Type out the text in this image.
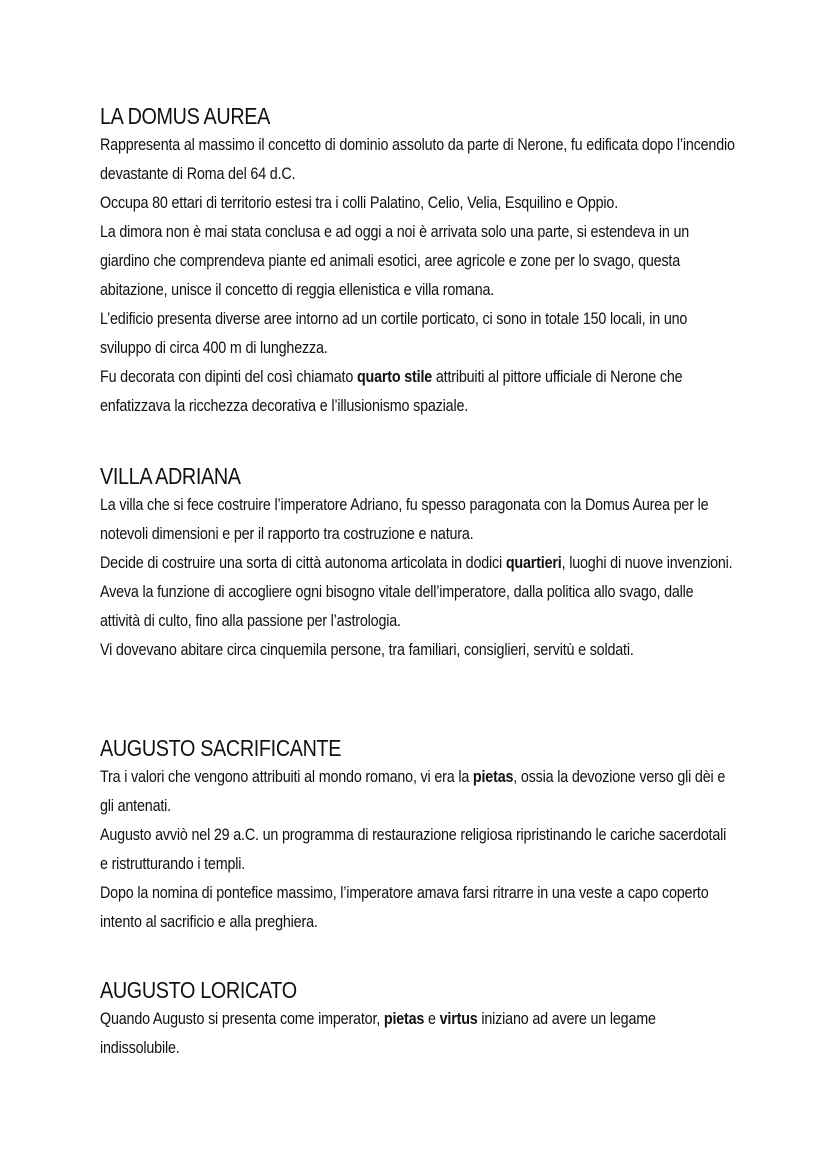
LA DOMUS AUREA

Rappresenta al massimo il concetto di dominio assoluto da parte di Nerone, fu edificata dopo l’incendio devastante di Roma del 64 d.C.

Occupa 80 ettari di territorio estesi tra i colli Palatino, Celio, Velia, Esquilino e Oppio.

La dimora non è mai stata conclusa e ad oggi a noi è arrivata solo una parte, si estendeva in un giardino che comprendeva piante ed animali esotici, aree agricole e zone per lo svago, questa abitazione, unisce il concetto di reggia ellenistica e villa romana.

L’edificio presenta diverse aree intorno ad un cortile porticato, ci sono in totale 150 locali, in uno sviluppo di circa 400 m di lunghezza.

Fu decorata con dipinti del così chiamato quarto stile attribuiti al pittore ufficiale di Nerone che enfatizzava la ricchezza decorativa e l’illusionismo spaziale.

VILLA ADRIANA

La villa che si fece costruire l’imperatore Adriano, fu spesso paragonata con la Domus Aurea per le notevoli dimensioni e per il rapporto tra costruzione e natura.

Decide di costruire una sorta di città autonoma articolata in dodici quartieri, luoghi di nuove invenzioni.

Aveva la funzione di accogliere ogni bisogno vitale dell’imperatore, dalla politica allo svago, dalle attività di culto, fino alla passione per l’astrologia.

Vi dovevano abitare circa cinquemila persone, tra familiari, consiglieri, servitù e soldati.

AUGUSTO SACRIFICANTE

Tra i valori che vengono attribuiti al mondo romano, vi era la pietas, ossia la devozione verso gli dèi e gli antenati.

Augusto avviò nel 29 a.C. un programma di restaurazione religiosa ripristinando le cariche sacerdotali e ristrutturando i templi.

Dopo la nomina di pontefice massimo, l’imperatore amava farsi ritrarre in una veste a capo coperto intento al sacrificio e alla preghiera.

AUGUSTO LORICATO

Quando Augusto si presenta come imperator, pietas e virtus iniziano ad avere un legame indissolubile.
